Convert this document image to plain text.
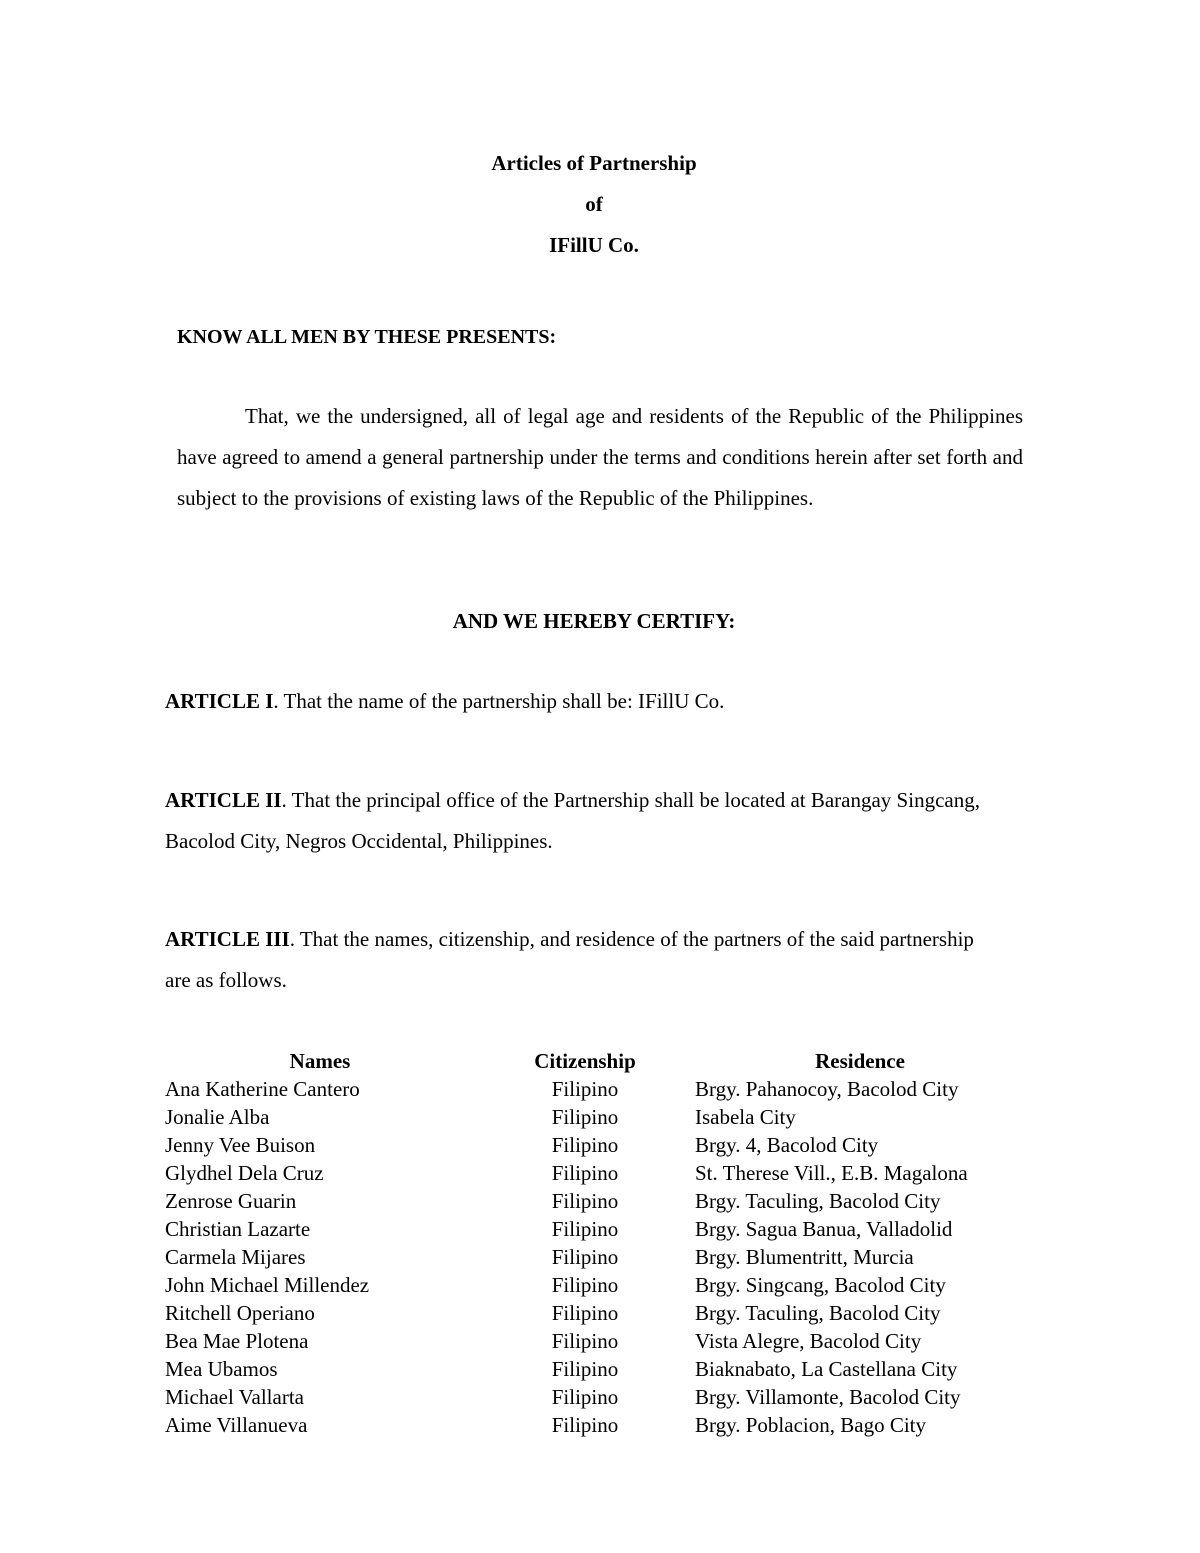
Articles of Partnership
of
IFillU Co.
KNOW ALL MEN BY THESE PRESENTS:

That, we the undersigned, all of legal age and residents of the Republic of the Philippines have agreed to amend a general partnership under the terms and conditions herein after set forth and subject to the provisions of existing laws of the Republic of the Philippines.

AND WE HEREBY CERTIFY:

ARTICLE I. That the name of the partnership shall be: IFillU Co.

ARTICLE II. That the principal office of the Partnership shall be located at Barangay Singcang, Bacolod City, Negros Occidental, Philippines.

ARTICLE III. That the names, citizenship, and residence of the partners of the said partnership are as follows.

Names	Citizenship	Residence
Ana Katherine Cantero	Filipino	Brgy. Pahanocoy, Bacolod City
Jonalie Alba	Filipino	Isabela City
Jenny Vee Buison	Filipino	Brgy. 4, Bacolod City
Glydhel Dela Cruz	Filipino	St. Therese Vill., E.B. Magalona
Zenrose Guarin	Filipino	Brgy. Taculing, Bacolod City
Christian Lazarte	Filipino	Brgy. Sagua Banua, Valladolid
Carmela Mijares	Filipino	Brgy. Blumentritt, Murcia
John Michael Millendez	Filipino	Brgy. Singcang, Bacolod City
Ritchell Operiano	Filipino	Brgy. Taculing, Bacolod City
Bea Mae Plotena	Filipino	Vista Alegre, Bacolod City
Mea Ubamos	Filipino	Biaknabato, La Castellana City
Michael Vallarta	Filipino	Brgy. Villamonte, Bacolod City
Aime Villanueva	Filipino	Brgy. Poblacion, Bago City
